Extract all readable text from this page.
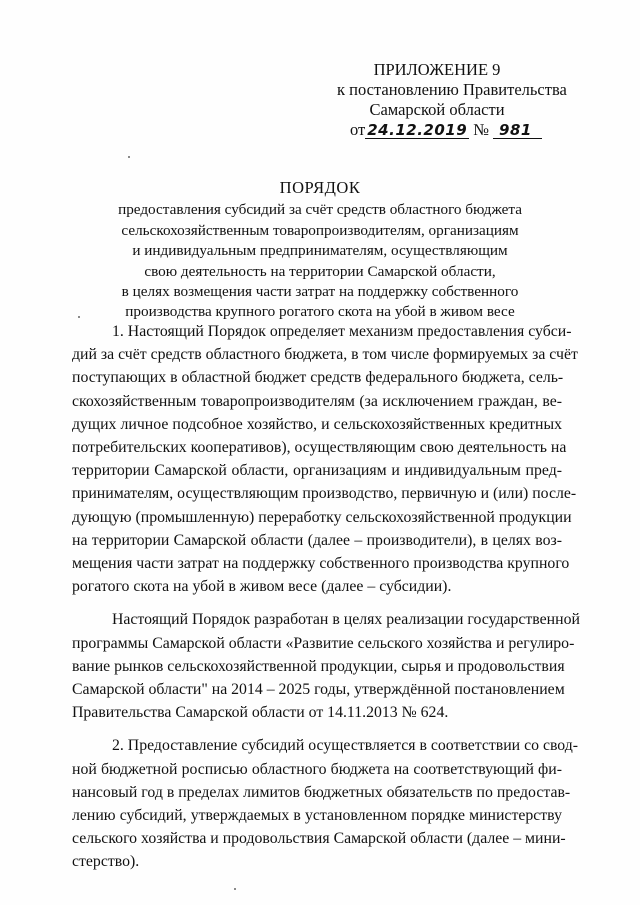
ПРИЛОЖЕНИЕ 9
к постановлению Правительства
Самарской области
от 24.12.2019 № 981
ПОРЯДОК
предоставления субсидий за счёт средств областного бюджета
сельскохозяйственным товаропроизводителям, организациям
и индивидуальным предпринимателям, осуществляющим
свою деятельность на территории Самарской области,
в целях возмещения части затрат на поддержку собственного
производства крупного рогатого скота на убой в живом весе
1. Настоящий Порядок определяет механизм предоставления субси-
дий за счёт средств областного бюджета, в том числе формируемых за счёт
поступающих в областной бюджет средств федерального бюджета, сель-
скохозяйственным товаропроизводителям (за исключением граждан, ве-
дущих личное подсобное хозяйство, и сельскохозяйственных кредитных
потребительских кооперативов), осуществляющим свою деятельность на
территории Самарской области, организациям и индивидуальным пред-
принимателям, осуществляющим производство, первичную и (или) после-
дующую (промышленную) переработку сельскохозяйственной продукции
на территории Самарской области (далее – производители), в целях воз-
мещения части затрат на поддержку собственного производства крупного
рогатого скота на убой в живом весе (далее – субсидии).
Настоящий Порядок разработан в целях реализации государственной
программы Самарской области «Развитие сельского хозяйства и регулиро-
вание рынков сельскохозяйственной продукции, сырья и продовольствия
Самарской области" на 2014 – 2025 годы, утверждённой постановлением
Правительства Самарской области от 14.11.2013 № 624.
2. Предоставление субсидий осуществляется в соответствии со свод-
ной бюджетной росписью областного бюджета на соответствующий фи-
нансовый год в пределах лимитов бюджетных обязательств по предостав-
лению субсидий, утверждаемых в установленном порядке министерству
сельского хозяйства и продовольствия Самарской области (далее – мини-
стерство).
